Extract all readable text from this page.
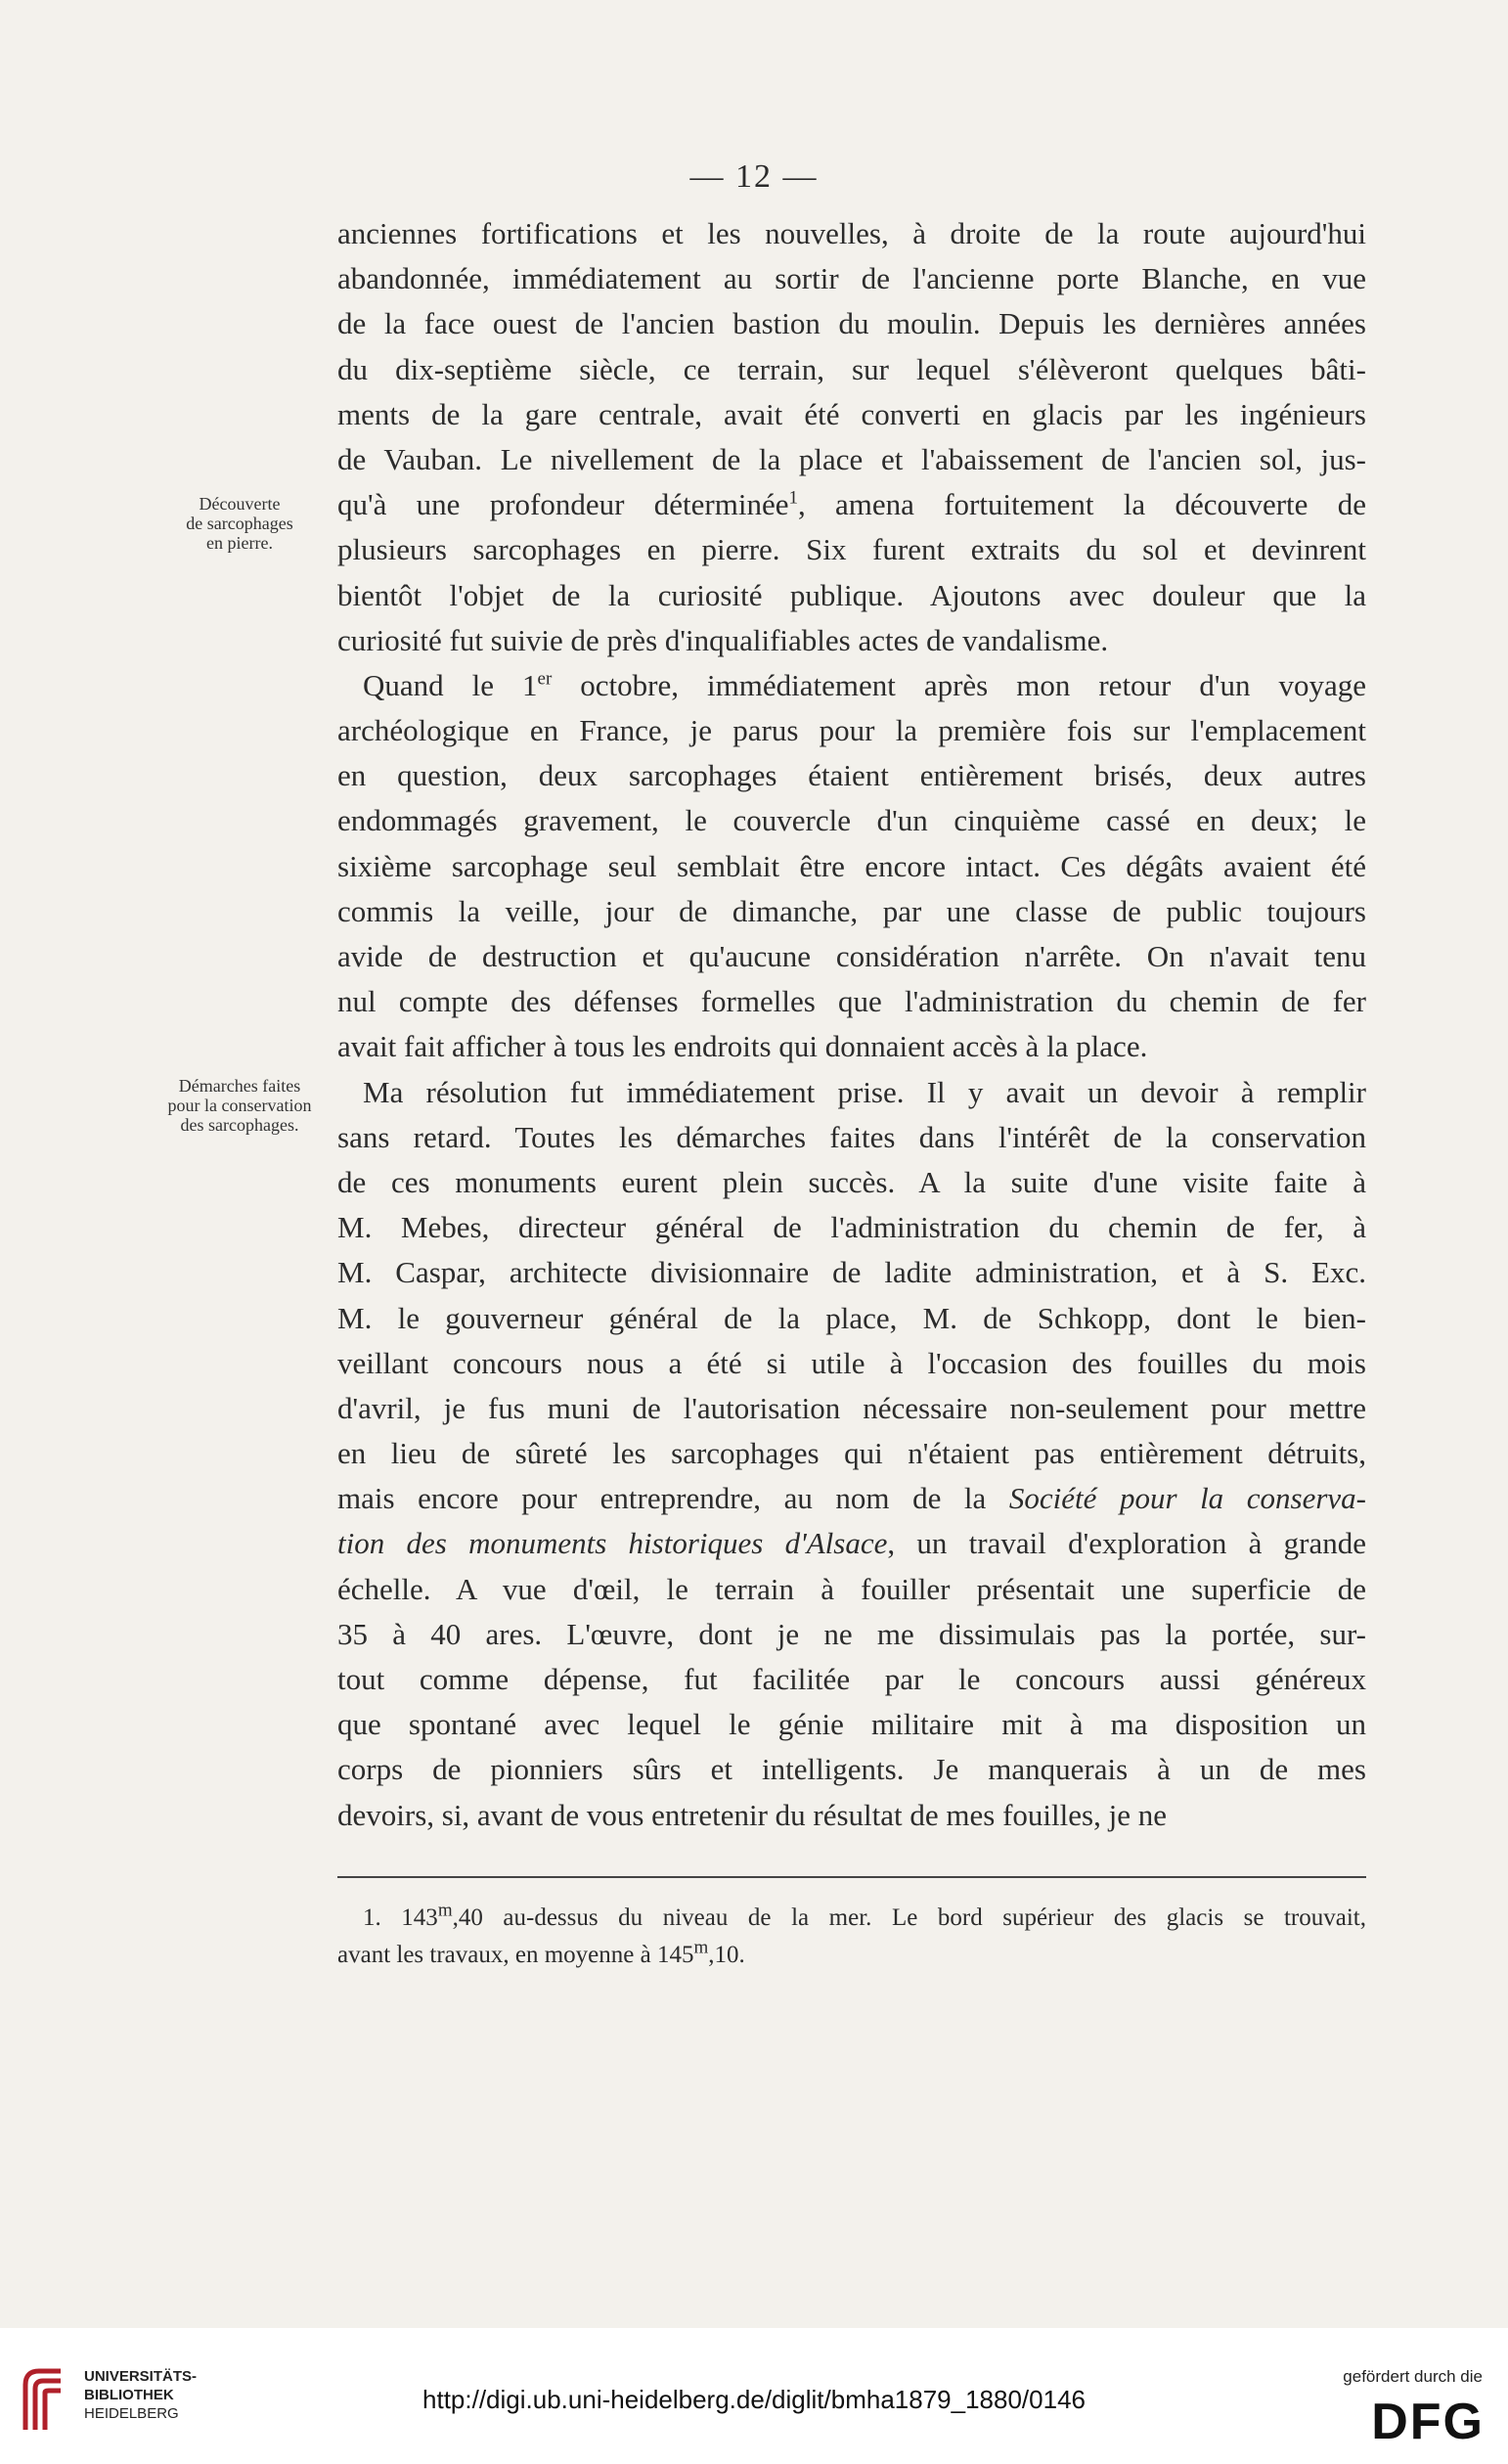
— 12 —
Découverte
de sarcophages
en pierre.
Démarches faites
pour la conservation
des sarcophages.
anciennes fortifications et les nouvelles, à droite de la route aujourd'hui
abandonnée, immédiatement au sortir de l'ancienne porte Blanche, en vue
de la face ouest de l'ancien bastion du moulin. Depuis les dernières années
du dix-septième siècle, ce terrain, sur lequel s'élèveront quelques bâti-
ments de la gare centrale, avait été converti en glacis par les ingénieurs
de Vauban. Le nivellement de la place et l'abaissement de l'ancien sol, jus-
qu'à une profondeur déterminée$^1$, amena fortuitement la découverte de
plusieurs sarcophages en pierre. Six furent extraits du sol et devinrent
bientôt l'objet de la curiosité publique. Ajoutons avec douleur que la
curiosité fut suivie de près d'inqualifiables actes de vandalisme.
Quand le 1er octobre, immédiatement après mon retour d'un voyage
archéologique en France, je parus pour la première fois sur l'emplacement
en question, deux sarcophages étaient entièrement brisés, deux autres
endommagés gravement, le couvercle d'un cinquième cassé en deux; le
sixième sarcophage seul semblait être encore intact. Ces dégâts avaient été
commis la veille, jour de dimanche, par une classe de public toujours
avide de destruction et qu'aucune considération n'arrête. On n'avait tenu
nul compte des défenses formelles que l'administration du chemin de fer
avait fait afficher à tous les endroits qui donnaient accès à la place.
Ma résolution fut immédiatement prise. Il y avait un devoir à remplir
sans retard. Toutes les démarches faites dans l'intérêt de la conservation
de ces monuments eurent plein succès. A la suite d'une visite faite à
M. Mebes, directeur général de l'administration du chemin de fer, à
M. Caspar, architecte divisionnaire de ladite administration, et à S. Exc.
M. le gouverneur général de la place, M. de Schkopp, dont le bien-
veillant concours nous a été si utile à l'occasion des fouilles du mois
d'avril, je fus muni de l'autorisation nécessaire non-seulement pour mettre
en lieu de sûreté les sarcophages qui n'étaient pas entièrement détruits,
mais encore pour entreprendre, au nom de la Société pour la conserva-
tion des monuments historiques d'Alsace, un travail d'exploration à grande
échelle. A vue d'œil, le terrain à fouiller présentait une superficie de
35 à 40 ares. L'œuvre, dont je ne me dissimulais pas la portée, sur-
tout comme dépense, fut facilitée par le concours aussi généreux
que spontané avec lequel le génie militaire mit à ma disposition un
corps de pionniers sûrs et intelligents. Je manquerais à un de mes
devoirs, si, avant de vous entretenir du résultat de mes fouilles, je ne
1. 143$^m$,40 au-dessus du niveau de la mer. Le bord supérieur des glacis se trouvait,
avant les travaux, en moyenne à 145$^m$,10.
UNIVERSITÄTS-
BIBLIOTHEK
HEIDELBERG	http://digi.ub.uni-heidelberg.de/diglit/bmha1879_1880/0146
gefördert durch die
DFG
